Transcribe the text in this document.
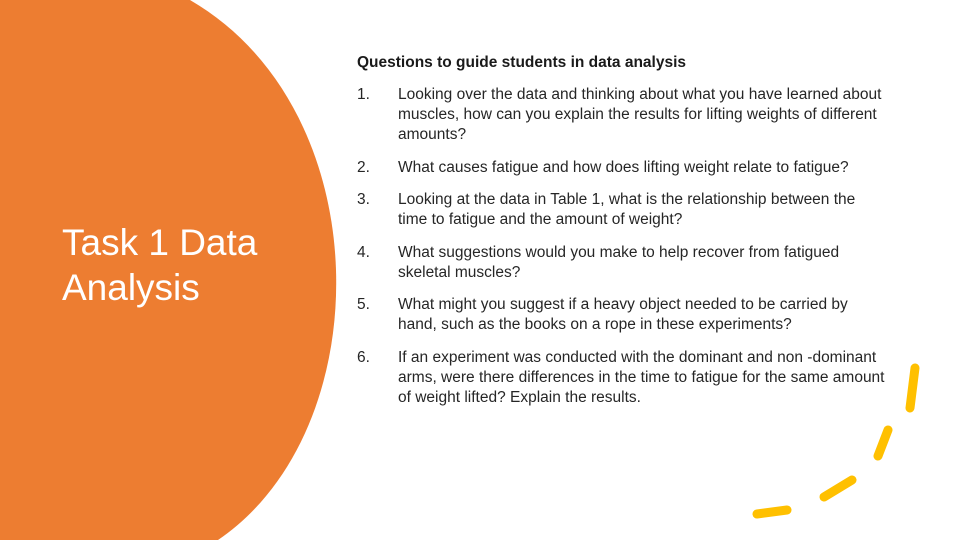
Task 1 Data Analysis

Questions to guide students in data analysis

1.	Looking over the data and thinking about what you have learned about muscles, how can you explain the results for lifting weights of different amounts?
2.	What causes fatigue and how does lifting weight relate to fatigue?
3.	Looking at the data in Table 1, what is the relationship between the time to fatigue and the amount of weight?
4.	What suggestions would you make to help recover from fatigued skeletal muscles?
5.	What might you suggest if a heavy object needed to be carried by hand, such as the books on a rope in these experiments?
6.	If an experiment was conducted with the dominant and non -dominant arms, were there differences in the time to fatigue for the same amount of weight lifted? Explain the results.
